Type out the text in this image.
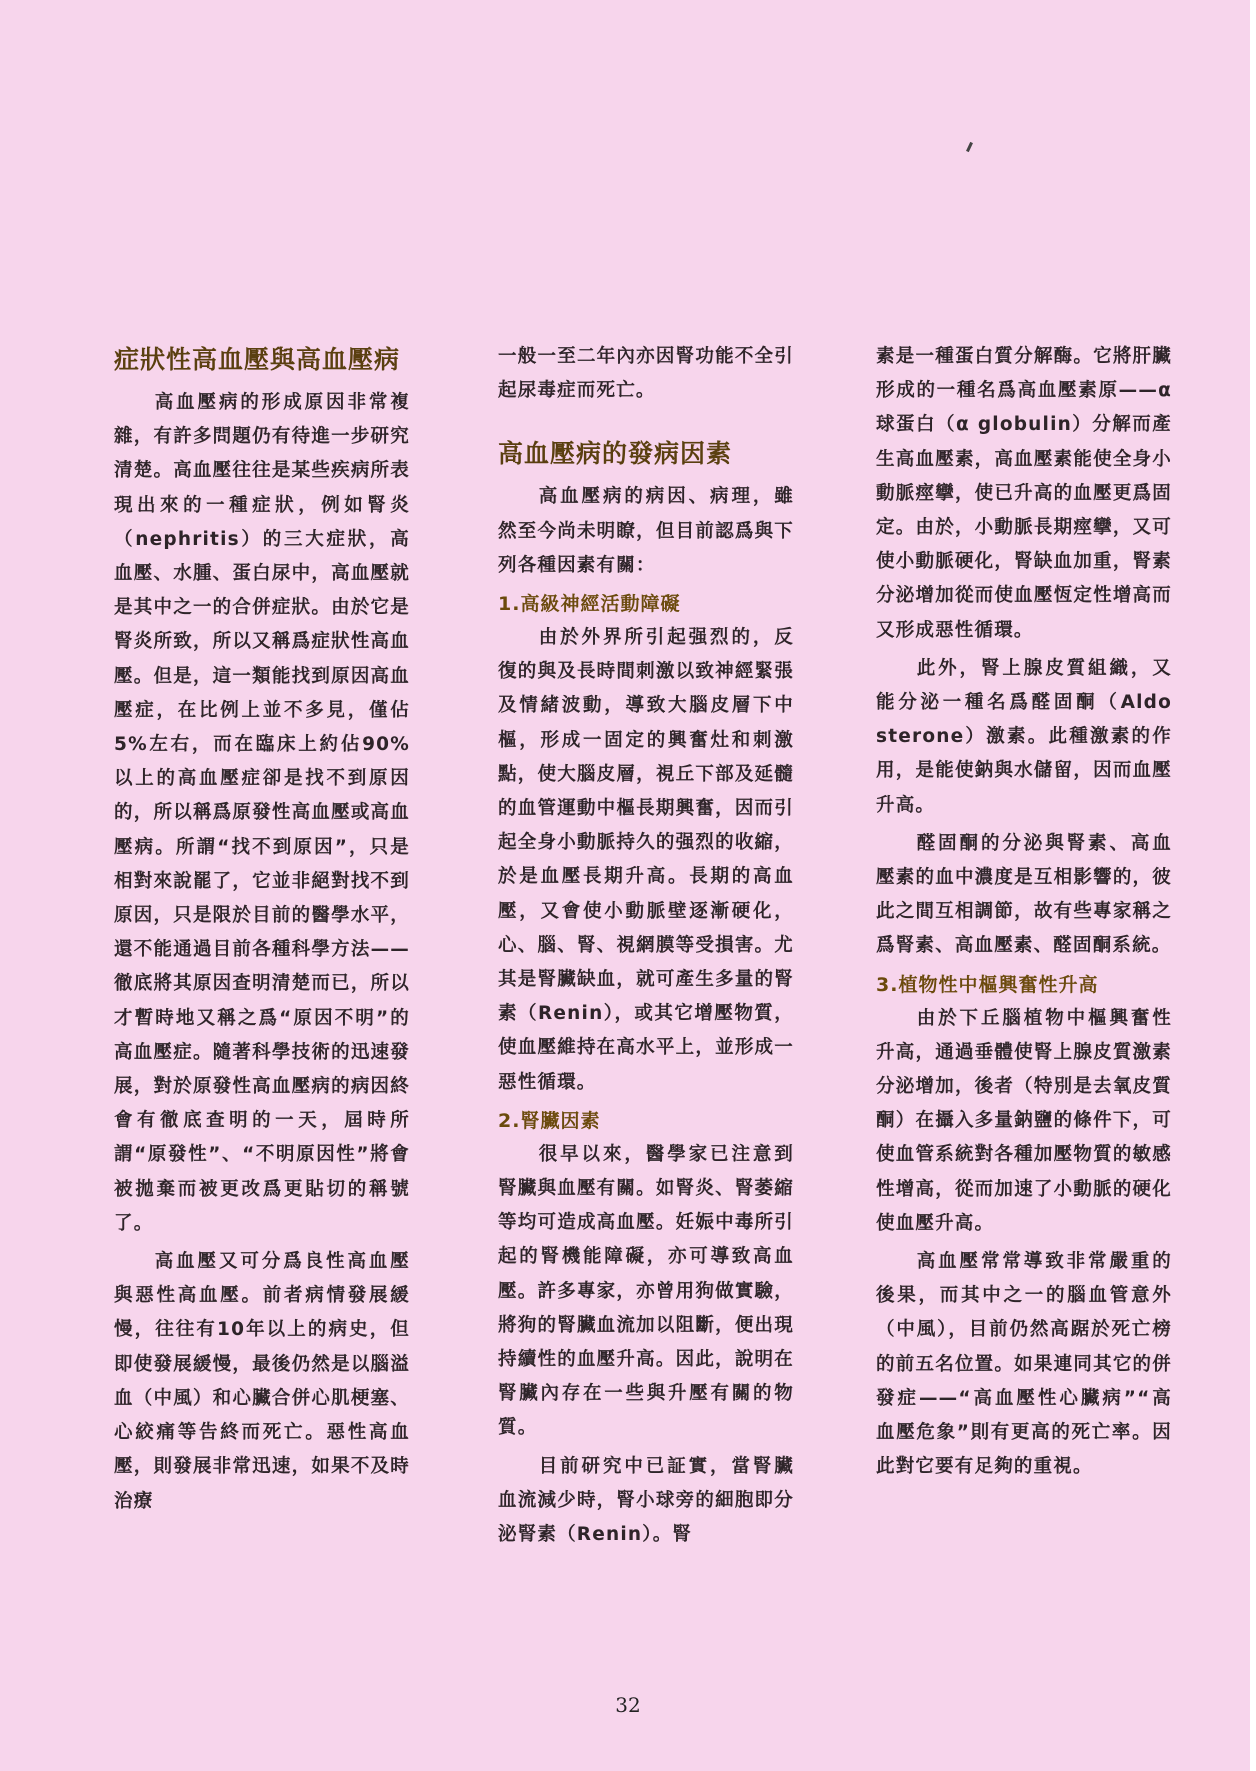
症狀性高血壓與高血壓病

高血壓病的形成原因非常複雜，有許多問題仍有待進一步研究清楚。高血壓往往是某些疾病所表現出來的一種症狀，例如腎炎（nephritis）的三大症狀，高血壓、水腫、蛋白尿中，高血壓就是其中之一的合併症狀。由於它是腎炎所致，所以又稱爲症狀性高血壓。但是，這一類能找到原因高血壓症，在比例上並不多見，僅佔5%左右，而在臨床上約佔90%以上的高血壓症卻是找不到原因的，所以稱爲原發性高血壓或高血壓病。所謂“找不到原因”，只是相對來說罷了，它並非絕對找不到原因，只是限於目前的醫學水平，還不能通過目前各種科學方法——徹底將其原因查明清楚而已，所以才暫時地又稱之爲“原因不明”的高血壓症。隨著科學技術的迅速發展，對於原發性高血壓病的病因終會有徹底查明的一天，屆時所謂“原發性”、“不明原因性”將會被拋棄而被更改爲更貼切的稱號了。

高血壓又可分爲良性高血壓與惡性高血壓。前者病情發展緩慢，往往有10年以上的病史，但即使發展緩慢，最後仍然是以腦溢血（中風）和心臟合併心肌梗塞、心絞痛等告終而死亡。惡性高血壓，則發展非常迅速，如果不及時治療

一般一至二年內亦因腎功能不全引起尿毒症而死亡。

高血壓病的發病因素

高血壓病的病因、病理，雖然至今尚未明瞭，但目前認爲與下列各種因素有關：

1.高級神經活動障礙

由於外界所引起强烈的，反復的與及長時間刺激以致神經緊張及情緒波動，導致大腦皮層下中樞，形成一固定的興奮灶和刺激點，使大腦皮層，視丘下部及延髓的血管運動中樞長期興奮，因而引起全身小動脈持久的强烈的收縮，於是血壓長期升高。長期的高血壓，又會使小動脈壁逐漸硬化，心、腦、腎、視網膜等受損害。尤其是腎臟缺血，就可產生多量的腎素（Renin），或其它增壓物質，使血壓維持在高水平上，並形成一惡性循環。

2.腎臟因素

很早以來，醫學家已注意到腎臟與血壓有關。如腎炎、腎萎縮等均可造成高血壓。妊娠中毒所引起的腎機能障礙，亦可導致高血壓。許多專家，亦曾用狗做實驗，將狗的腎臟血流加以阻斷，便出現持續性的血壓升高。因此，說明在腎臟內存在一些與升壓有關的物質。

目前研究中已証實，當腎臟血流減少時，腎小球旁的細胞即分泌腎素（Renin）。腎

素是一種蛋白質分解酶。它將肝臟形成的一種名爲高血壓素原——α球蛋白（α globulin）分解而產生高血壓素，高血壓素能使全身小動脈痙攣，使已升高的血壓更爲固定。由於，小動脈長期痙攣，又可使小動脈硬化，腎缺血加重，腎素分泌增加從而使血壓恆定性增高而又形成惡性循環。

此外，腎上腺皮質組織，又能分泌一種名爲醛固酮（Aldo sterone）激素。此種激素的作用，是能使鈉與水儲留，因而血壓升高。

醛固酮的分泌與腎素、高血壓素的血中濃度是互相影響的，彼此之間互相調節，故有些專家稱之爲腎素、高血壓素、醛固酮系統。

3.植物性中樞興奮性升高

由於下丘腦植物中樞興奮性升高，通過垂體使腎上腺皮質激素分泌增加，後者（特別是去氧皮質酮）在攝入多量鈉鹽的條件下，可使血管系統對各種加壓物質的敏感性增高，從而加速了小動脈的硬化使血壓升高。

高血壓常常導致非常嚴重的後果，而其中之一的腦血管意外（中風），目前仍然高踞於死亡榜的前五名位置。如果連同其它的併發症——“高血壓性心臟病”“高血壓危象”則有更高的死亡率。因此對它要有足夠的重視。

32
